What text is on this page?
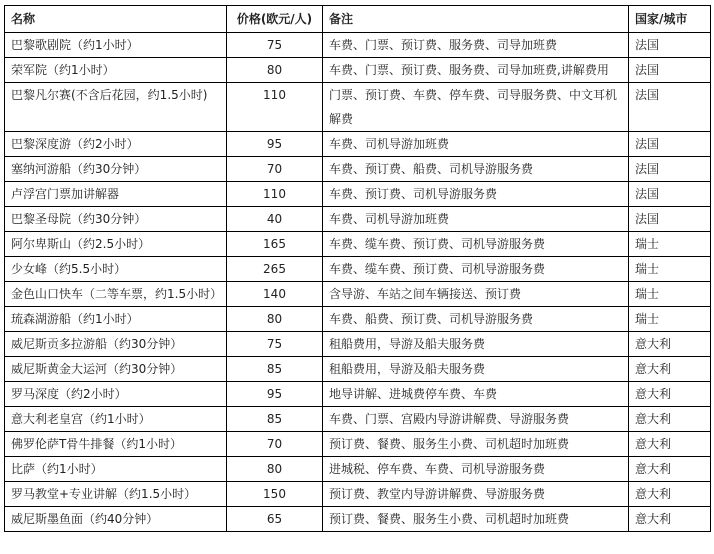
名称	价格(欧元/人)	备注	国家/城市
巴黎歌剧院（约1小时）	75	车费、门票、预订费、服务费、司导加班费	法国
荣军院（约1小时）	80	车费、门票、预订费、服务费、司导加班费,讲解费用	法国
巴黎凡尔赛(不含后花园，约1.5小时)	110	门票、预订费、车费、停车费、司导服务费、中文耳机解费	法国
巴黎深度游（约2小时）	95	车费、司机导游加班费	法国
塞纳河游船（约30分钟）	70	车费、预订费、船费、司机导游服务费	法国
卢浮宫门票加讲解器	110	车费、预订费、司机导游服务费	法国
巴黎圣母院（约30分钟）	40	车费、司机导游加班费	法国
阿尔卑斯山（约2.5小时）	165	车费、缆车费、预订费、司机导游服务费	瑞士
少女峰（约5.5小时）	265	车费、缆车费、预订费、司机导游服务费	瑞士
金色山口快车（二等车票，约1.5小时）	140	含导游、车站之间车辆接送、预订费	瑞士
琉森湖游船（约1小时）	80	车费、船费、预订费、司机导游服务费	瑞士
威尼斯贡多拉游船（约30分钟）	75	租船费用，导游及船夫服务费	意大利
威尼斯黄金大运河（约30分钟）	85	租船费用，导游及船夫服务费	意大利
罗马深度（约2小时）	95	地导讲解、进城费停车费、车费	意大利
意大利老皇宫（约1小时）	85	车费、门票、宫殿内导游讲解费、导游服务费	意大利
佛罗伦萨T骨牛排餐（约1小时）	70	预订费、餐费、服务生小费、司机超时加班费	意大利
比萨（约1小时）	80	进城税、停车费、车费、司机导游服务费	意大利
罗马教堂+专业讲解（约1.5小时）	150	预订费、教堂内导游讲解费、导游服务费	意大利
威尼斯墨鱼面（约40分钟）	65	预订费、餐费、服务生小费、司机超时加班费	意大利
